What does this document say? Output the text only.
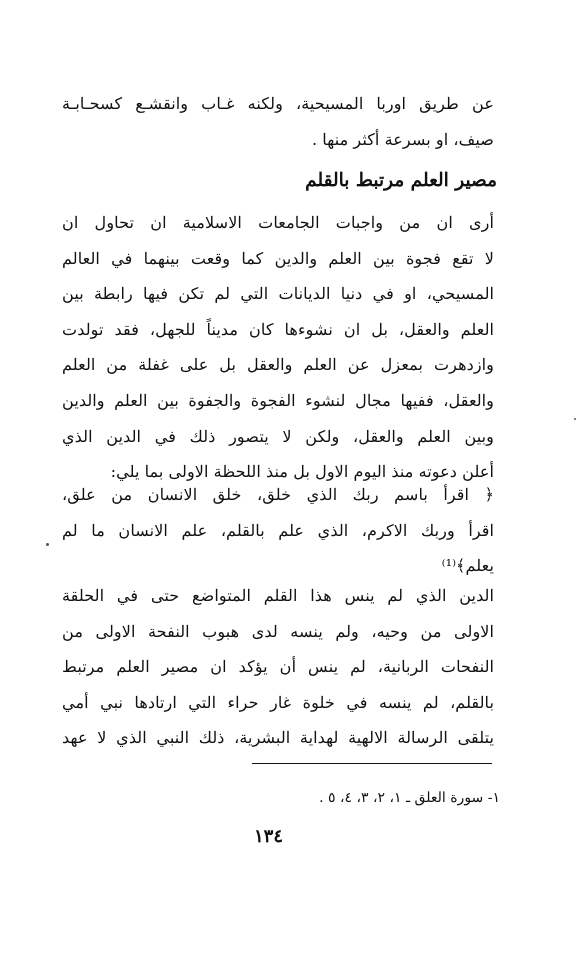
عن طريق اوربا المسيحية، ولكنه غـاب وانقشـع كسحـابـة
صيف، او بسرعة أكثر منها .
مصير العلم مرتبط بالقلم
أرى ان من واجبات الجامعات الاسلامية ان تحاول ان
لا تقع فجوة بين العلم والدين كما وقعت بينهما في العالم
المسيحي، او في دنيا الديانات التي لم تكن فيها رابطة بين
العلم والعقل، بل ان نشوءها كان مديناً للجهل، فقد تولدت
وازدهرت بمعزل عن العلم والعقل بل على غفلة من العلم
والعقل، ففيها مجال لنشوء الفجوة والجفوة بين العلم والدين
وبين العلم والعقل، ولكن لا يتصور ذلك في الدين الذي
أعلن دعوته منذ اليوم الاول بل منذ اللحظة الاولى بما يلي:
﴿ اقرأ باسم ربك الذي خلق، خلق الانسان من علق،
اقرأ وربك الاكرم، الذي علم بالقلم، علم الانسان ما لم
يعلم﴾⁽¹⁾
الدين الذي لم ينس هذا القلم المتواضع حتى في الحلقة
الاولى من وحيه، ولم ينسه لدى هبوب النفحة الاولى من
النفحات الربانية، لم ينس أن يؤكد ان مصير العلم مرتبط
بالقلم، لم ينسه في خلوة غار حراء التي ارتادها نبي أمي
يتلقى الرسالة الالهية لهداية البشرية، ذلك النبي الذي لا عهد
١- سورة العلق ـ ١، ٢، ٣، ٤، ٥ .
١٣٤
